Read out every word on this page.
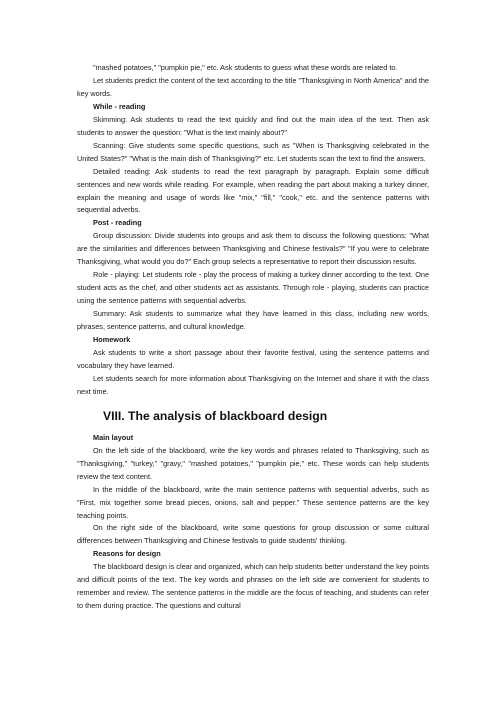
"mashed potatoes," "pumpkin pie," etc. Ask students to guess what these words are related to.

Let students predict the content of the text according to the title "Thanksgiving in North America" and the key words.

While - reading

Skimming: Ask students to read the text quickly and find out the main idea of the text. Then ask students to answer the question: "What is the text mainly about?"

Scanning: Give students some specific questions, such as "When is Thanksgiving celebrated in the United States?" "What is the main dish of Thanksgiving?" etc. Let students scan the text to find the answers.

Detailed reading: Ask students to read the text paragraph by paragraph. Explain some difficult sentences and new words while reading. For example, when reading the part about making a turkey dinner, explain the meaning and usage of words like "mix," "fill," "cook," etc. and the sentence patterns with sequential adverbs.

Post - reading

Group discussion: Divide students into groups and ask them to discuss the following questions: "What are the similarities and differences between Thanksgiving and Chinese festivals?" "If you were to celebrate Thanksgiving, what would you do?" Each group selects a representative to report their discussion results.

Role - playing: Let students role - play the process of making a turkey dinner according to the text. One student acts as the chef, and other students act as assistants. Through role - playing, students can practice using the sentence patterns with sequential adverbs.

Summary: Ask students to summarize what they have learned in this class, including new words, phrases, sentence patterns, and cultural knowledge.

Homework

Ask students to write a short passage about their favorite festival, using the sentence patterns and vocabulary they have learned.

Let students search for more information about Thanksgiving on the Internet and share it with the class next time.

VIII. The analysis of blackboard design

Main layout

On the left side of the blackboard, write the key words and phrases related to Thanksgiving, such as "Thanksgiving," "turkey," "gravy," "mashed potatoes," "pumpkin pie," etc. These words can help students review the text content.

In the middle of the blackboard, write the main sentence patterns with sequential adverbs, such as "First, mix together some bread pieces, onions, salt and pepper." These sentence patterns are the key teaching points.

On the right side of the blackboard, write some questions for group discussion or some cultural differences between Thanksgiving and Chinese festivals to guide students' thinking.

Reasons for design

The blackboard design is clear and organized, which can help students better understand the key points and difficult points of the text. The key words and phrases on the left side are convenient for students to remember and review. The sentence patterns in the middle are the focus of teaching, and students can refer to them during practice. The questions and cultural
